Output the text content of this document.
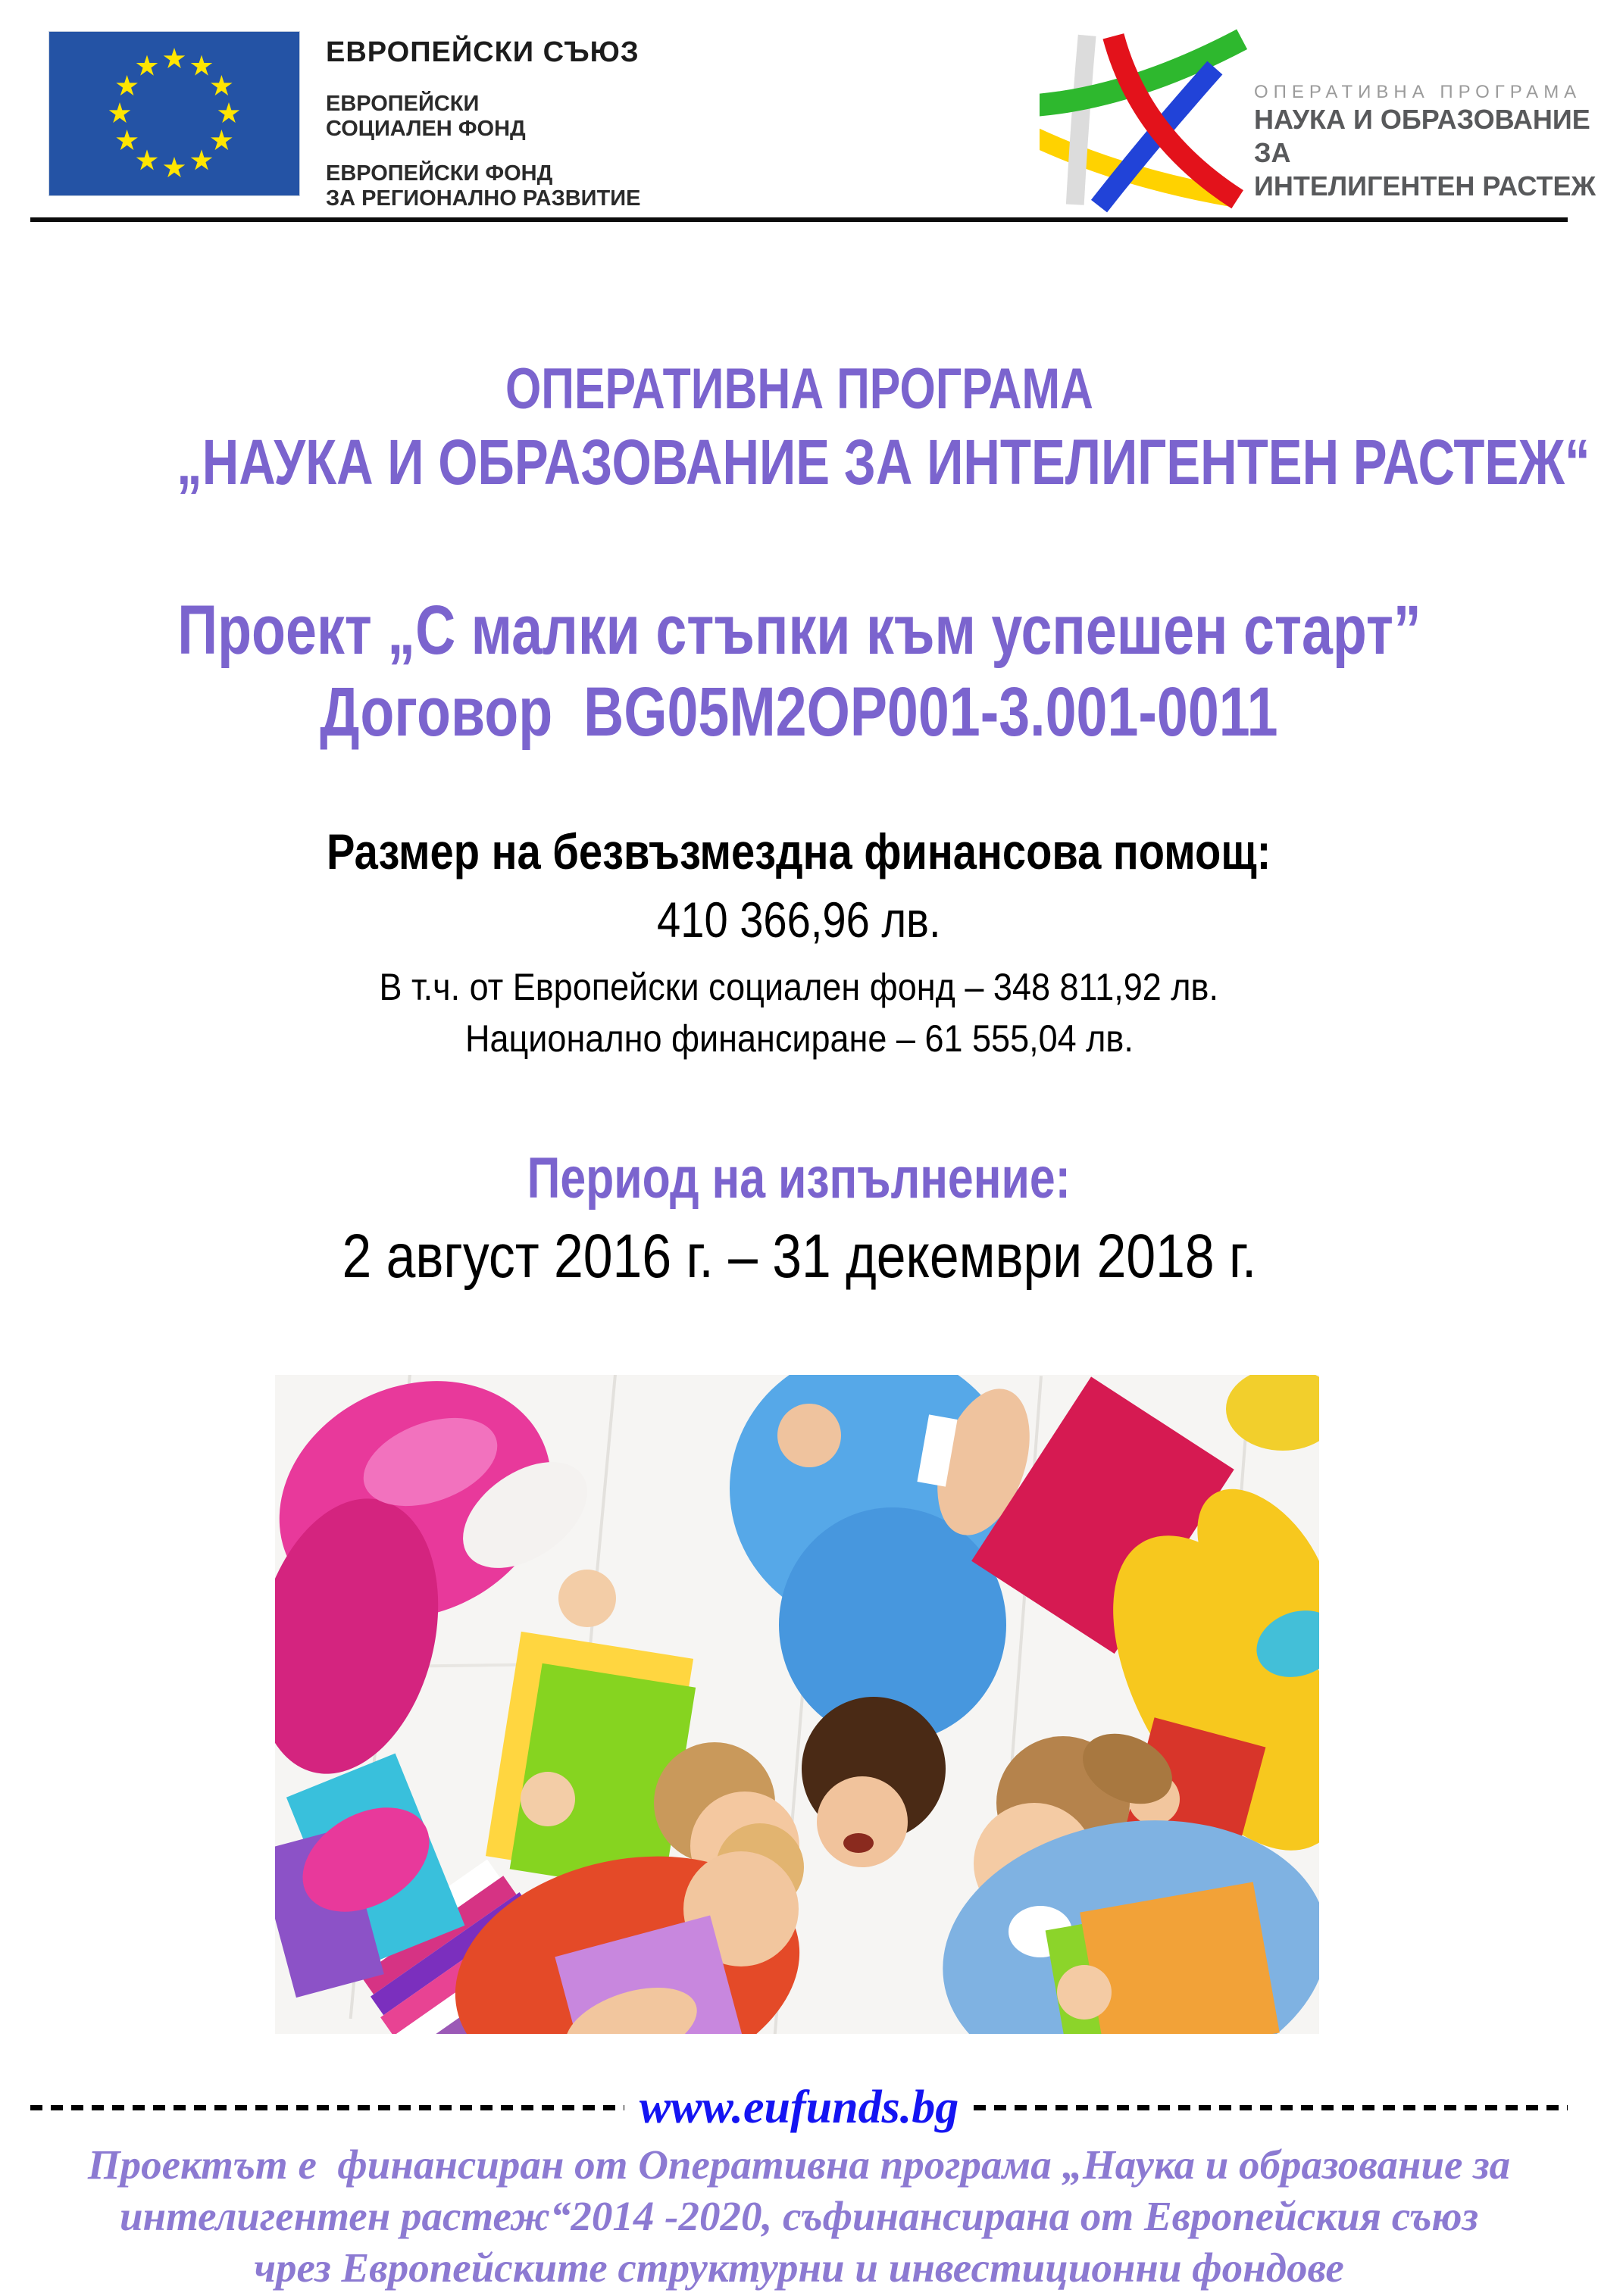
ЕВРОПЕЙСКИ СЪЮЗ
ЕВРОПЕЙСКИ
СОЦИАЛЕН ФОНД
ЕВРОПЕЙСКИ ФОНД
ЗА РЕГИОНАЛНО РАЗВИТИЕ
ОПЕРАТИВНА ПРОГРАМА
НАУКА И ОБРАЗОВАНИЕ ЗА
ИНТЕЛИГЕНТЕН РАСТЕЖ
ОПЕРАТИВНА ПРОГРАМА
„НАУКА И ОБРАЗОВАНИЕ ЗА ИНТЕЛИГЕНТЕН РАСТЕЖ“
Проект „С малки стъпки към успешен старт”
Договор  BG05M2OP001-3.001-0011
Размер на безвъзмездна финансова помощ:
410 366,96 лв.
В т.ч. от Европейски социален фонд – 348 811,92 лв.
Национално финансиране – 61 555,04 лв.
Период на изпълнение:
2 август 2016 г. – 31 декември 2018 г.
www.eufunds.bg
Проектът е  финансиран от Оперативна програма „Наука и образование за
интелигентен растеж“2014 -2020, съфинансирана от Европейския съюз
чрез Европейските структурни и инвестиционни фондове
